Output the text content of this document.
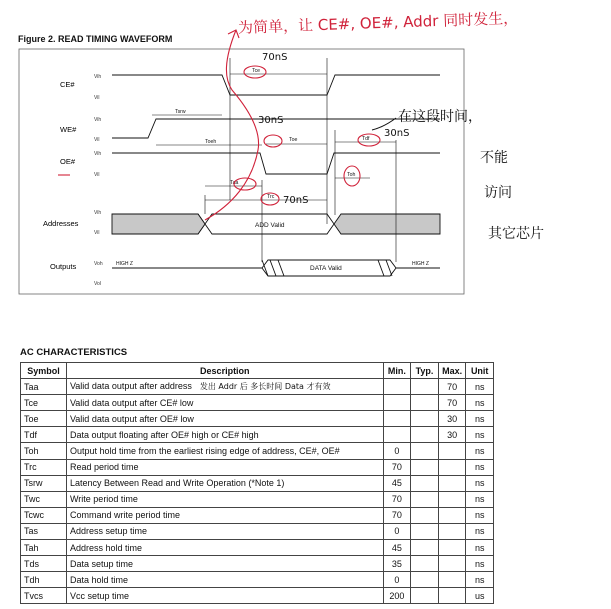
Figure 2. READ TIMING WAVEFORM
CE#
WE#
OE#
Addresses
Outputs
Vih
Vil
Vih
Vil
Vih
Vil
Vih
Vil
Voh
Vol
Tsrw
Toeh
Tce
Toe
Trc
Taa
Tdf
Toh
ADD Valid
DATA Valid
HIGH Z	HIGH Z
为简单，让 CE#, OE#, Addr 同时发生，
70nS
30nS
70nS
30nS
在这段时间，
不能
访问
其它芯片
AC CHARACTERISTICS
Symbol	Description	Min.	Typ.	Max.	Unit
Taa	Valid data output after address 发出 Addr 后 多长时间 Data 才有效			70	ns
Tce	Valid data output after CE# low			70	ns
Toe	Valid data output after OE# low			30	ns
Tdf	Data output floating after OE# high or CE# high			30	ns
Toh	Output hold time from the earliest rising edge of address, CE#, OE#	0			ns
Trc	Read period time	70			ns
Tsrw	Latency Between Read and Write Operation (*Note 1)	45			ns
Twc	Write period time	70			ns
Tcwc	Command write period time	70			ns
Tas	Address setup time	0			ns
Tah	Address hold time	45			ns
Tds	Data setup time	35			ns
Tdh	Data hold time	0			ns
Tvcs	Vcc setup time	200			us
